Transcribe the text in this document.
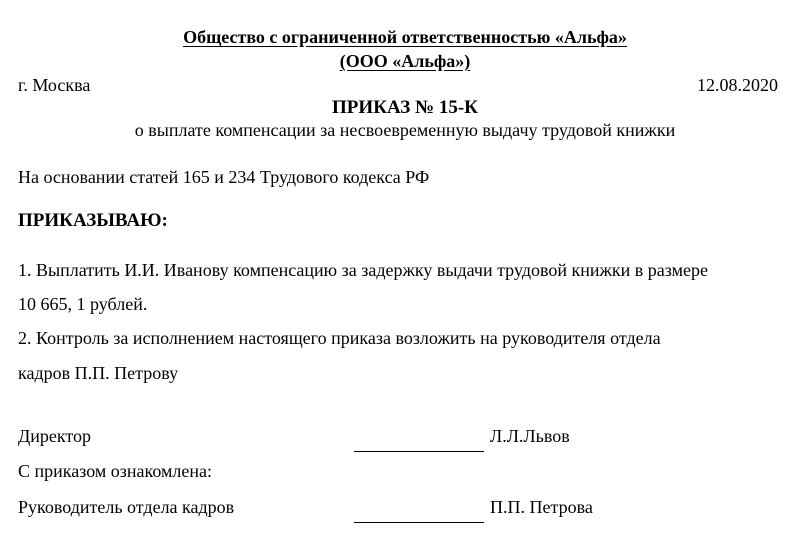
Общество с ограниченной ответственностью «Альфа»
(ООО «Альфа»)
г. Москва	12.08.2020
ПРИКАЗ № 15-К
о выплате компенсации за несвоевременную выдачу трудовой книжки
На основании статей 165 и 234 Трудового кодекса РФ
ПРИКАЗЫВАЮ:
1. Выплатить И.И. Иванову компенсацию за задержку выдачи трудовой книжки в размере
10 665, 1 рублей.
2. Контроль за исполнением настоящего приказа возложить на руководителя отдела
кадров П.П. Петрову
Директор	Л.Л.Львов
С приказом ознакомлена:
Руководитель отдела кадров	П.П. Петрова
